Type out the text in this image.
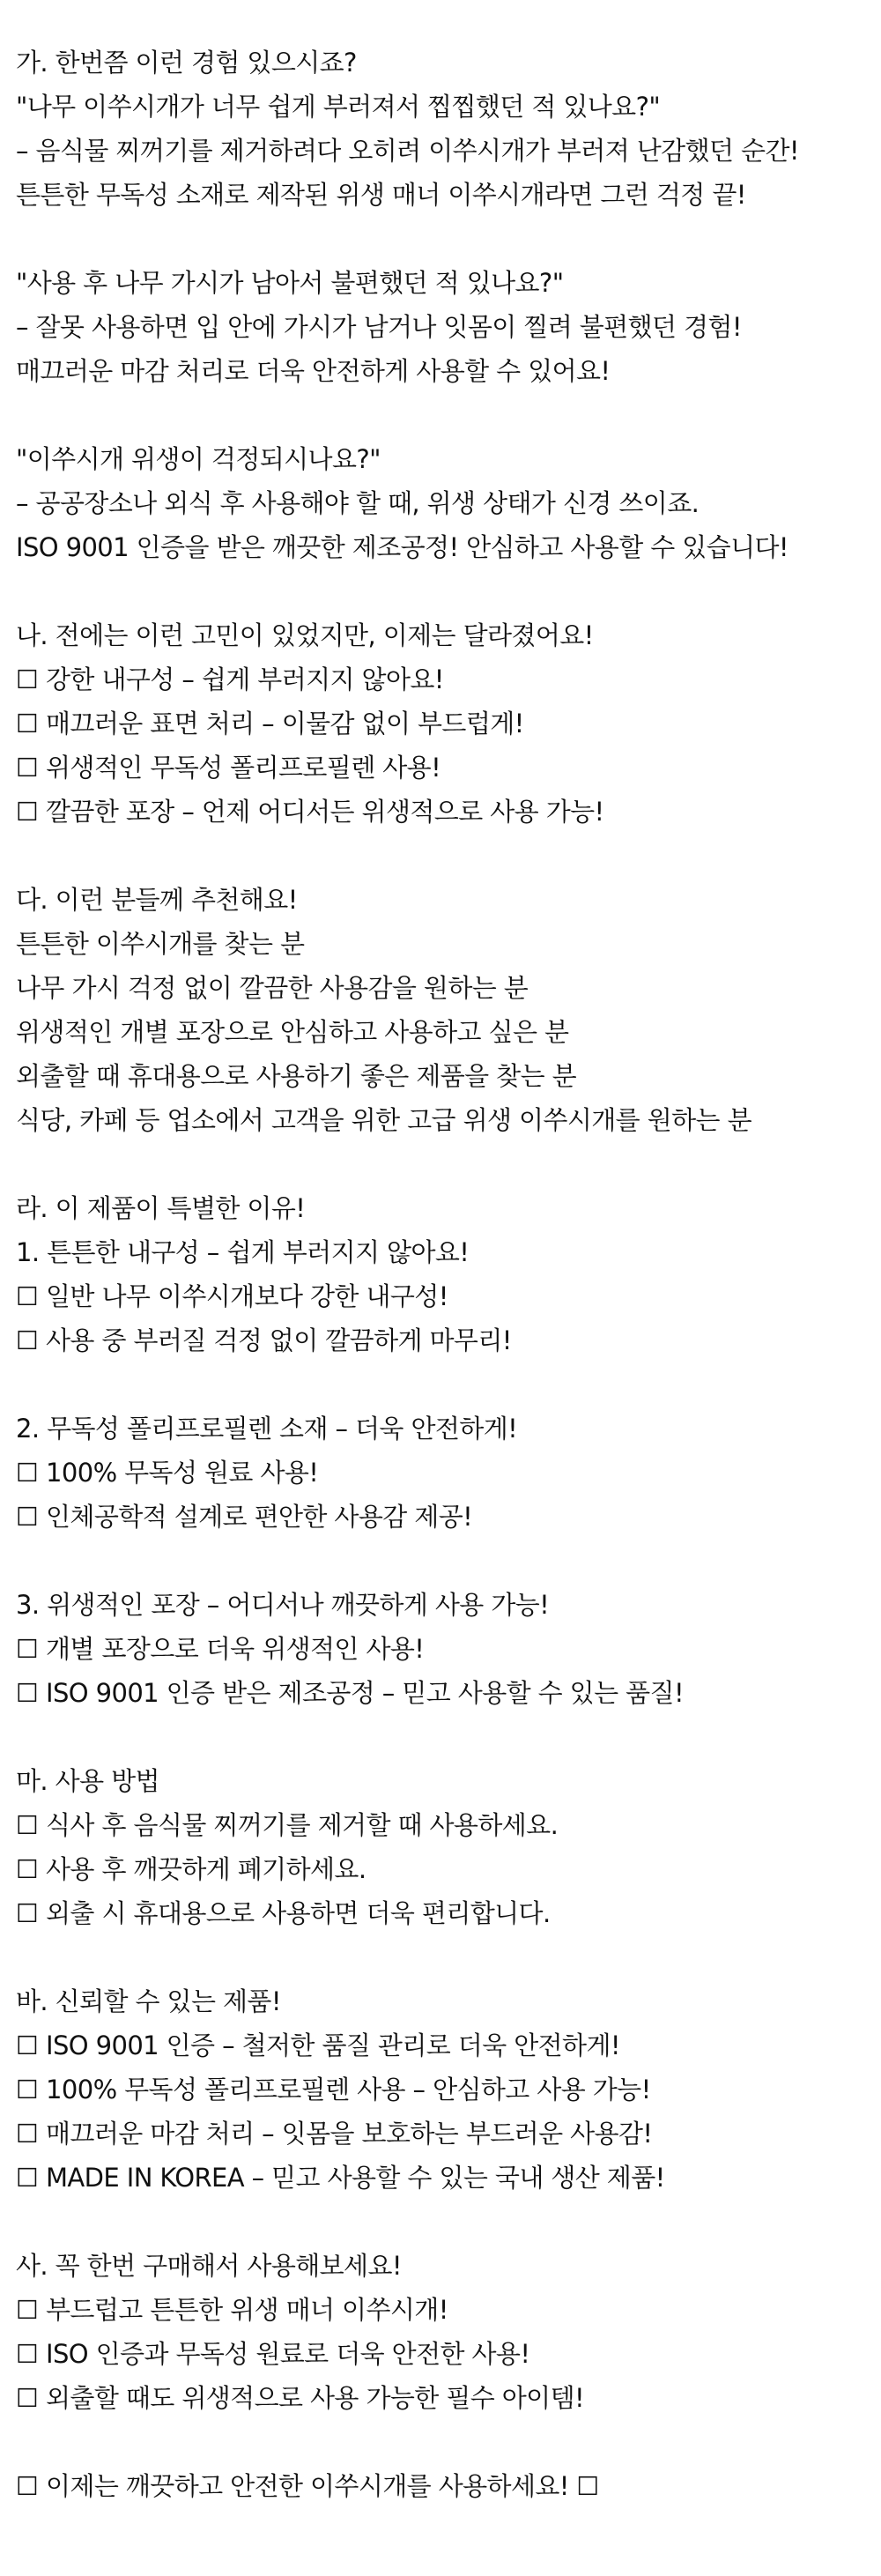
가. 한번쯤 이런 경험 있으시죠?
"나무 이쑤시개가 너무 쉽게 부러져서 찝찝했던 적 있나요?"
– 음식물 찌꺼기를 제거하려다 오히려 이쑤시개가 부러져 난감했던 순간!
튼튼한 무독성 소재로 제작된 위생 매너 이쑤시개라면 그런 걱정 끝!
"사용 후 나무 가시가 남아서 불편했던 적 있나요?"
– 잘못 사용하면 입 안에 가시가 남거나 잇몸이 찔려 불편했던 경험!
매끄러운 마감 처리로 더욱 안전하게 사용할 수 있어요!
"이쑤시개 위생이 걱정되시나요?"
– 공공장소나 외식 후 사용해야 할 때, 위생 상태가 신경 쓰이죠.
ISO 9001 인증을 받은 깨끗한 제조공정! 안심하고 사용할 수 있습니다!
나. 전에는 이런 고민이 있었지만, 이제는 달라졌어요!
☐ 강한 내구성 – 쉽게 부러지지 않아요!
☐ 매끄러운 표면 처리 – 이물감 없이 부드럽게!
☐ 위생적인 무독성 폴리프로필렌 사용!
☐ 깔끔한 포장 – 언제 어디서든 위생적으로 사용 가능!
다. 이런 분들께 추천해요!
튼튼한 이쑤시개를 찾는 분
나무 가시 걱정 없이 깔끔한 사용감을 원하는 분
위생적인 개별 포장으로 안심하고 사용하고 싶은 분
외출할 때 휴대용으로 사용하기 좋은 제품을 찾는 분
식당, 카페 등 업소에서 고객을 위한 고급 위생 이쑤시개를 원하는 분
라. 이 제품이 특별한 이유!
1. 튼튼한 내구성 – 쉽게 부러지지 않아요!
☐ 일반 나무 이쑤시개보다 강한 내구성!
☐ 사용 중 부러질 걱정 없이 깔끔하게 마무리!
2. 무독성 폴리프로필렌 소재 – 더욱 안전하게!
☐ 100% 무독성 원료 사용!
☐ 인체공학적 설계로 편안한 사용감 제공!
3. 위생적인 포장 – 어디서나 깨끗하게 사용 가능!
☐ 개별 포장으로 더욱 위생적인 사용!
☐ ISO 9001 인증 받은 제조공정 – 믿고 사용할 수 있는 품질!
마. 사용 방법
☐ 식사 후 음식물 찌꺼기를 제거할 때 사용하세요.
☐ 사용 후 깨끗하게 폐기하세요.
☐ 외출 시 휴대용으로 사용하면 더욱 편리합니다.
바. 신뢰할 수 있는 제품!
☐ ISO 9001 인증 – 철저한 품질 관리로 더욱 안전하게!
☐ 100% 무독성 폴리프로필렌 사용 – 안심하고 사용 가능!
☐ 매끄러운 마감 처리 – 잇몸을 보호하는 부드러운 사용감!
☐ MADE IN KOREA – 믿고 사용할 수 있는 국내 생산 제품!
사. 꼭 한번 구매해서 사용해보세요!
☐ 부드럽고 튼튼한 위생 매너 이쑤시개!
☐ ISO 인증과 무독성 원료로 더욱 안전한 사용!
☐ 외출할 때도 위생적으로 사용 가능한 필수 아이템!
☐ 이제는 깨끗하고 안전한 이쑤시개를 사용하세요! ☐
